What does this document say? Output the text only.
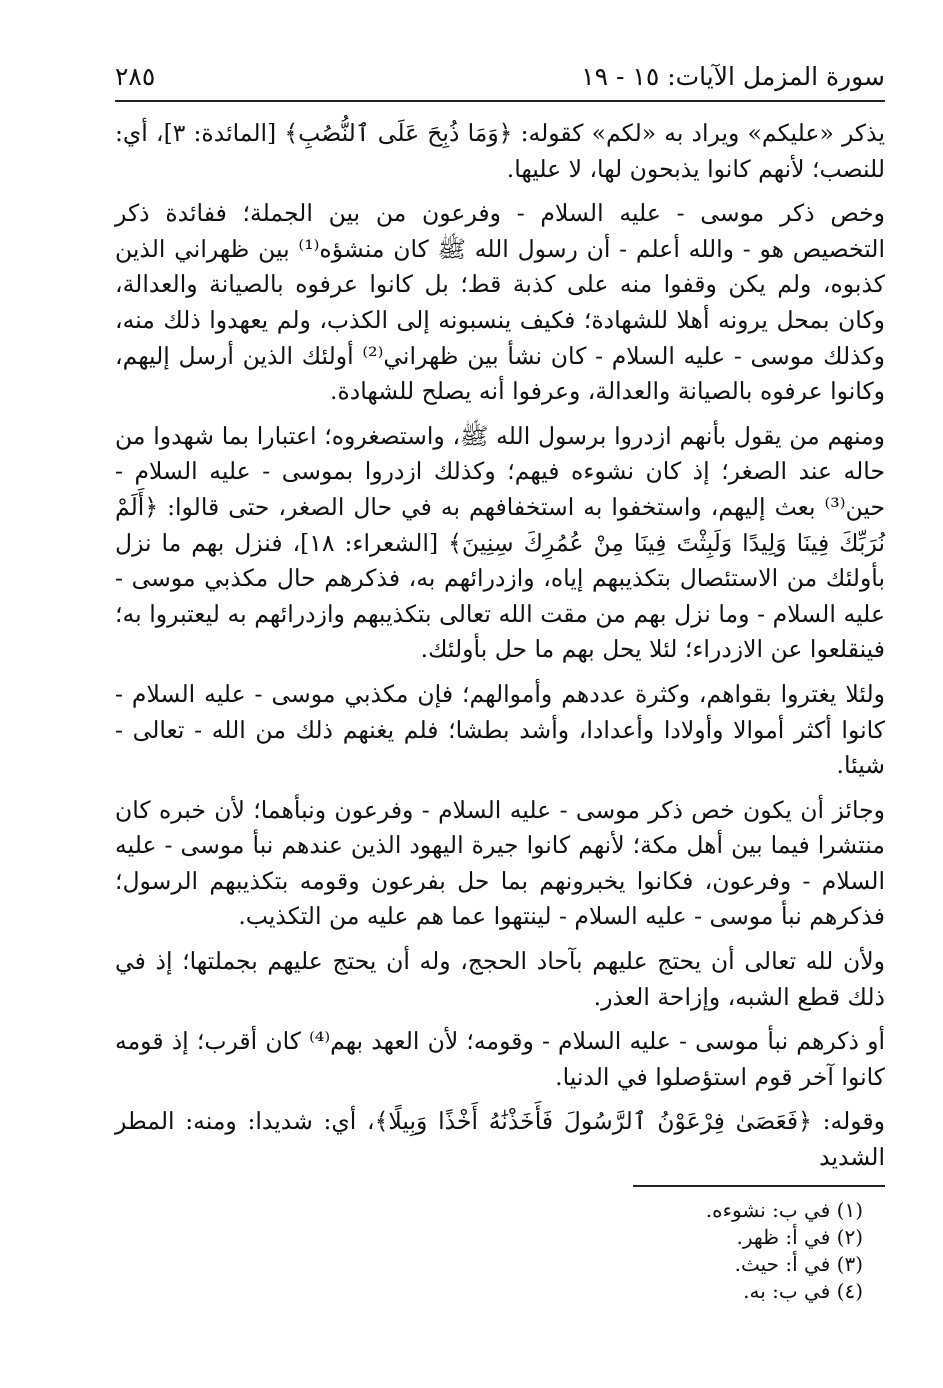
سورة المزمل الآيات: ١٥ - ١٩
٢٨٥

يذكر «عليكم» ويراد به «لكم» كقوله: ﴿وَمَا ذُبِحَ عَلَى ٱلنُّصُبِ﴾ [المائدة: ٣]، أي: للنصب؛ لأنهم كانوا يذبحون لها، لا عليها.

وخص ذكر موسى - عليه السلام - وفرعون من بين الجملة؛ ففائدة ذكر التخصيص هو - والله أعلم - أن رسول الله ﷺ كان منشؤه⁽¹⁾ بين ظهراني الذين كذبوه، ولم يكن وقفوا منه على كذبة قط؛ بل كانوا عرفوه بالصيانة والعدالة، وكان بمحل يرونه أهلا للشهادة؛ فكيف ينسبونه إلى الكذب، ولم يعهدوا ذلك منه، وكذلك موسى - عليه السلام - كان نشأ بين ظهراني⁽²⁾ أولئك الذين أرسل إليهم، وكانوا عرفوه بالصيانة والعدالة، وعرفوا أنه يصلح للشهادة.

ومنهم من يقول بأنهم ازدروا برسول الله ﷺ، واستصغروه؛ اعتبارا بما شهدوا من حاله عند الصغر؛ إذ كان نشوءه فيهم؛ وكذلك ازدروا بموسى - عليه السلام - حين⁽³⁾ بعث إليهم، واستخفوا به استخفافهم به في حال الصغر، حتى قالوا: ﴿أَلَمْ نُرَبِّكَ فِينَا وَلِيدًا وَلَبِثْتَ فِينَا مِنْ عُمُرِكَ سِنِينَ﴾ [الشعراء: ١٨]، فنزل بهم ما نزل بأولئك من الاستئصال بتكذيبهم إياه، وازدرائهم به، فذكرهم حال مكذبي موسى - عليه السلام - وما نزل بهم من مقت الله تعالى بتكذيبهم وازدرائهم به ليعتبروا به؛ فينقلعوا عن الازدراء؛ لئلا يحل بهم ما حل بأولئك.

ولئلا يغتروا بقواهم، وكثرة عددهم وأموالهم؛ فإن مكذبي موسى - عليه السلام - كانوا أكثر أموالا وأولادا وأعدادا، وأشد بطشا؛ فلم يغنهم ذلك من الله - تعالى - شيئا.

وجائز أن يكون خص ذكر موسى - عليه السلام - وفرعون ونبأهما؛ لأن خبره كان منتشرا فيما بين أهل مكة؛ لأنهم كانوا جيرة اليهود الذين عندهم نبأ موسى - عليه السلام - وفرعون، فكانوا يخبرونهم بما حل بفرعون وقومه بتكذيبهم الرسول؛ فذكرهم نبأ موسى - عليه السلام - لينتهوا عما هم عليه من التكذيب.

ولأن لله تعالى أن يحتج عليهم بآحاد الحجج، وله أن يحتج عليهم بجملتها؛ إذ في ذلك قطع الشبه، وإزاحة العذر.

أو ذكرهم نبأ موسى - عليه السلام - وقومه؛ لأن العهد بهم⁽⁴⁾ كان أقرب؛ إذ قومه كانوا آخر قوم استؤصلوا في الدنيا.

وقوله: ﴿فَعَصَىٰ فِرْعَوْنُ ٱلرَّسُولَ فَأَخَذْنَٰهُ أَخْذًا وَبِيلًا﴾، أي: شديدا: ومنه: المطر الشديد

(١) في ب: نشوءه.
(٢) في أ: ظهر.
(٣) في أ: حيث.
(٤) في ب: به.
